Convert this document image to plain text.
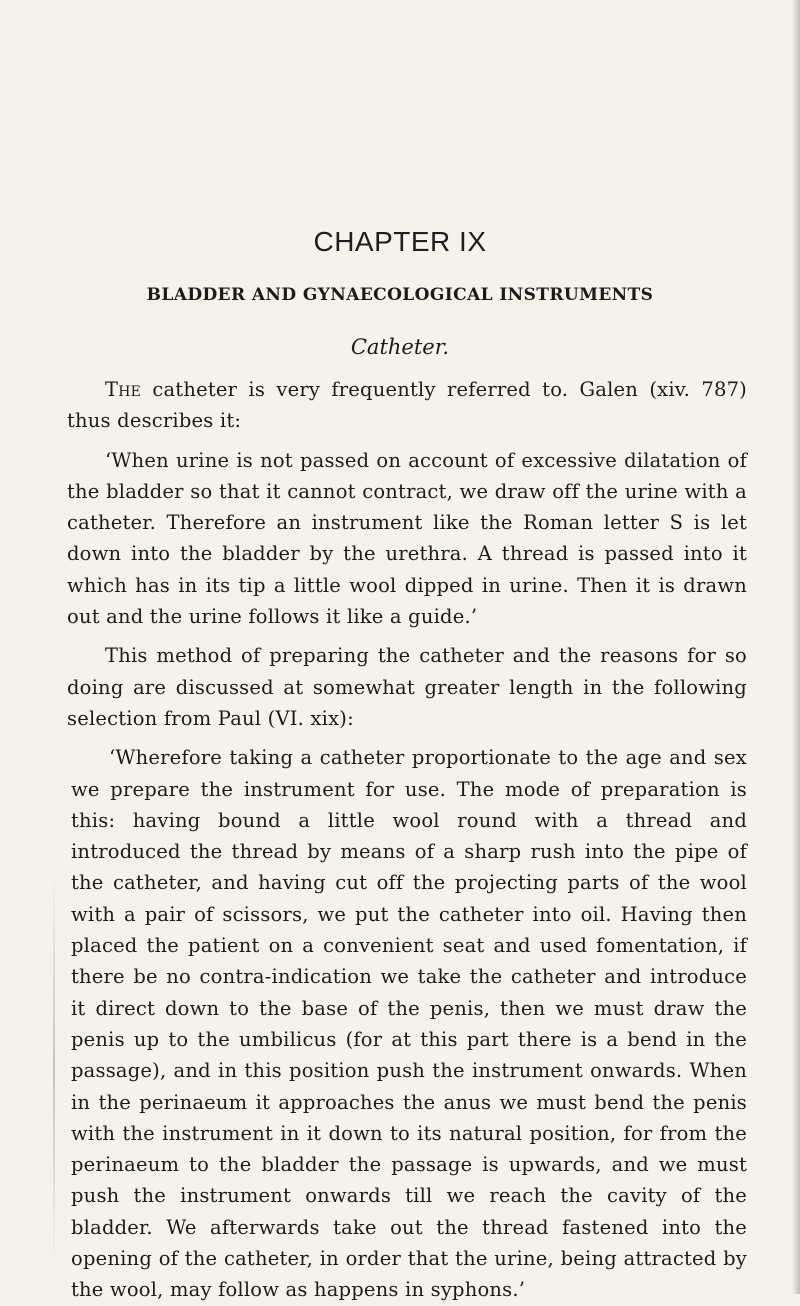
CHAPTER IX
BLADDER AND GYNAECOLOGICAL INSTRUMENTS
Catheter.

The catheter is very frequently referred to. Galen (xiv. 787) thus describes it:

‘When urine is not passed on account of excessive dilatation of the bladder so that it cannot contract, we draw off the urine with a catheter. Therefore an instrument like the Roman letter S is let down into the bladder by the urethra. A thread is passed into it which has in its tip a little wool dipped in urine. Then it is drawn out and the urine follows it like a guide.’

This method of preparing the catheter and the reasons for so doing are discussed at somewhat greater length in the following selection from Paul (VI. xix):

‘Wherefore taking a catheter proportionate to the age and sex we prepare the instrument for use. The mode of preparation is this: having bound a little wool round with a thread and introduced the thread by means of a sharp rush into the pipe of the catheter, and having cut off the projecting parts of the wool with a pair of scissors, we put the catheter into oil. Having then placed the patient on a convenient seat and used fomentation, if there be no contra-indication we take the catheter and introduce it direct down to the base of the penis, then we must draw the penis up to the umbilicus (for at this part there is a bend in the passage), and in this position push the instrument onwards. When in the perinaeum it approaches the anus we must bend the penis with the instrument in it down to its natural position, for from the perinaeum to the bladder the passage is upwards, and we must push the instrument onwards till we reach the cavity of the bladder. We afterwards take out the thread fastened into the opening of the catheter, in order that the urine, being attracted by the wool, may follow as happens in syphons.’
